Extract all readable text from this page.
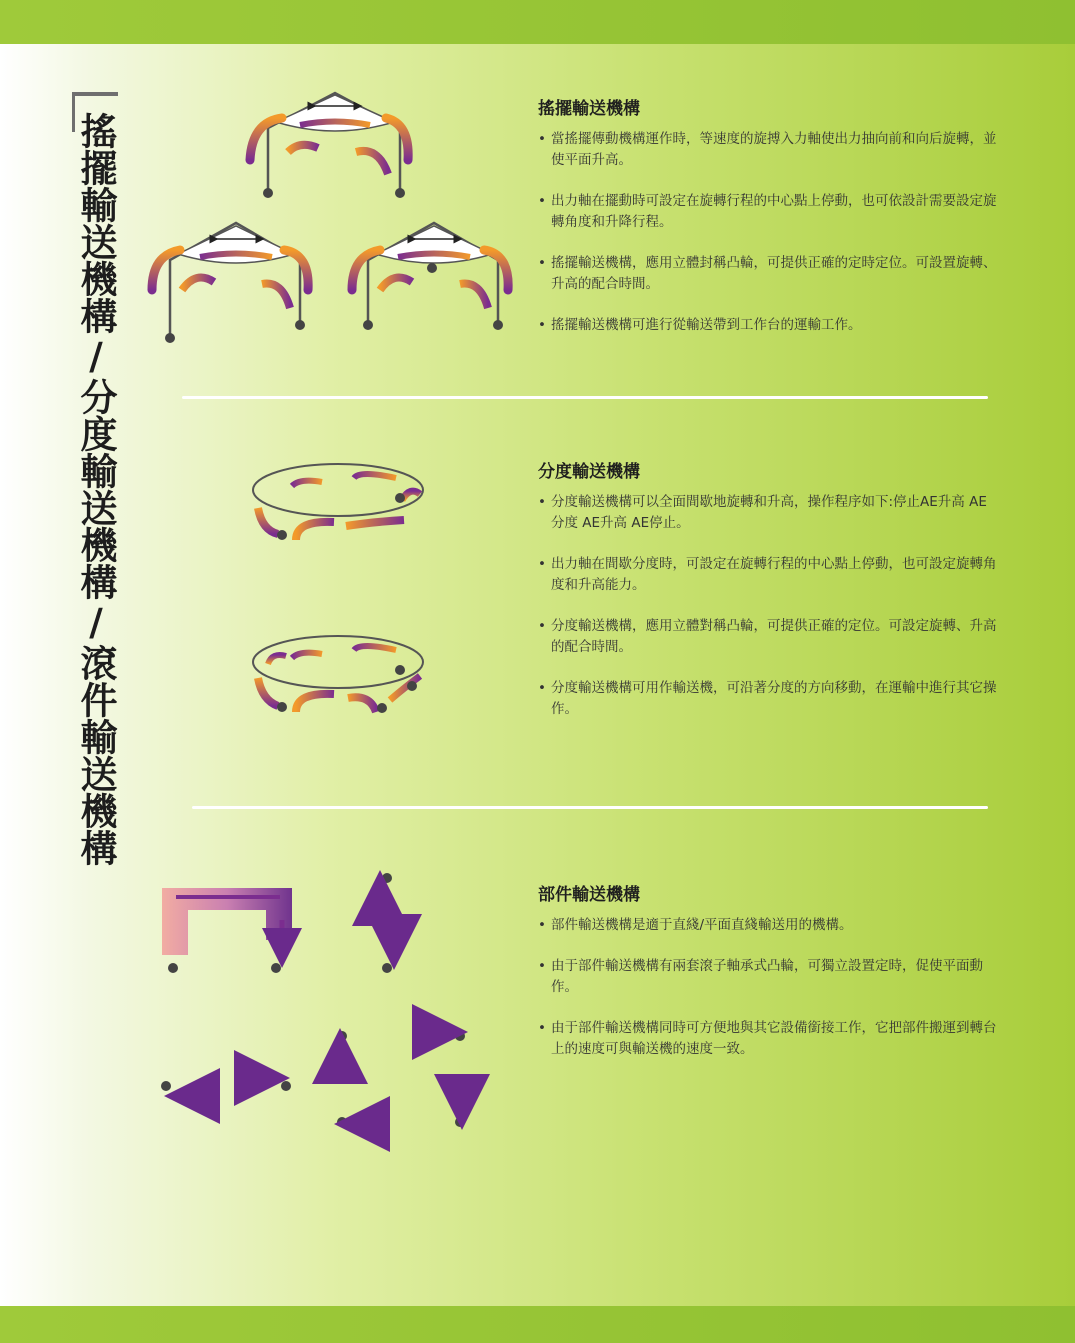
搖擺輸送機構/分度輸送機構/滾件輸送機構
搖擺輸送機構
• 當搖擺傳動機構運作時，等速度的旋搏入力軸使出力抽向前和向后旋轉，並使平面升高。
• 出力軸在擺動時可設定在旋轉行程的中心點上停動，也可依設計需要設定旋轉角度和升降行程。
• 搖擺輸送機構，應用立體封稱凸輪，可提供正確的定時定位。可設置旋轉、升高的配合時間。
• 搖擺輸送機構可進行從輸送帶到工作台的運輸工作。
分度輸送機構
• 分度輸送機構可以全面間歇地旋轉和升高，操作程序如下:停止AE升高 AE分度 AE升高 AE停止。
• 出力軸在間歇分度時，可設定在旋轉行程的中心點上停動，也可設定旋轉角度和升高能力。
• 分度輸送機構，應用立體對稱凸輪，可提供正確的定位。可設定旋轉、升高的配合時間。
• 分度輸送機構可用作輸送機，可沿著分度的方向移動，在運輸中進行其它操作。
部件輸送機構
• 部件輸送機構是適于直綫/平面直綫輸送用的機構。
• 由于部件輸送機構有兩套滾子軸承式凸輪，可獨立設置定時，促使平面動作。
• 由于部件輸送機構同時可方便地與其它設備銜接工作，它把部件搬運到轉台上的速度可與輸送機的速度一致。
